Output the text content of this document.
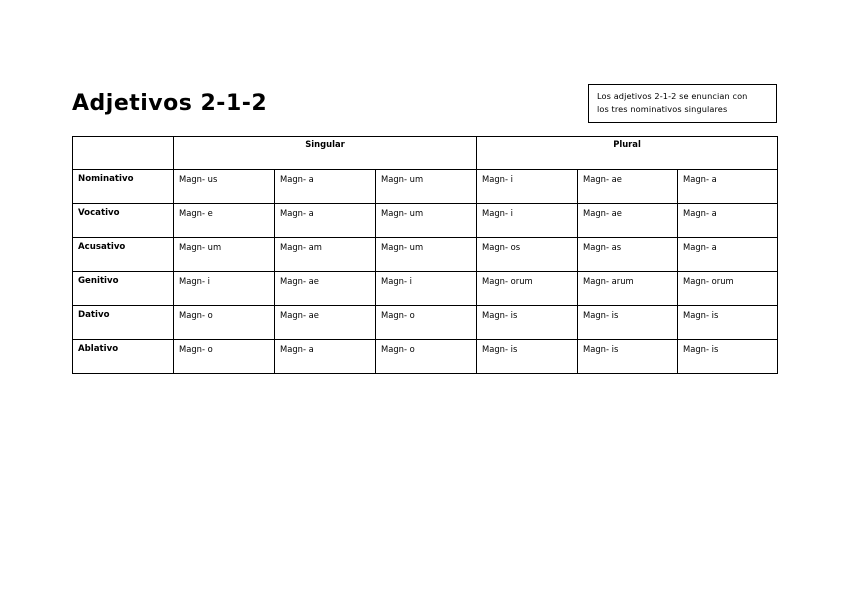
Adjetivos 2-1-2	Los adjetivos 2-1-2 se enuncian con
los tres nominativos singulares
	Singular			Plural		
Nominativo	Magn- us	Magn- a	Magn- um	Magn- i	Magn- ae	Magn- a
Vocativo	Magn- e	Magn- a	Magn- um	Magn- i	Magn- ae	Magn- a
Acusativo	Magn- um	Magn- am	Magn- um	Magn- os	Magn- as	Magn- a
Genitivo	Magn- i	Magn- ae	Magn- i	Magn- orum	Magn- arum	Magn- orum
Dativo	Magn- o	Magn- ae	Magn- o	Magn- is	Magn- is	Magn- is
Ablativo	Magn- o	Magn- a	Magn- o	Magn- is	Magn- is	Magn- is
